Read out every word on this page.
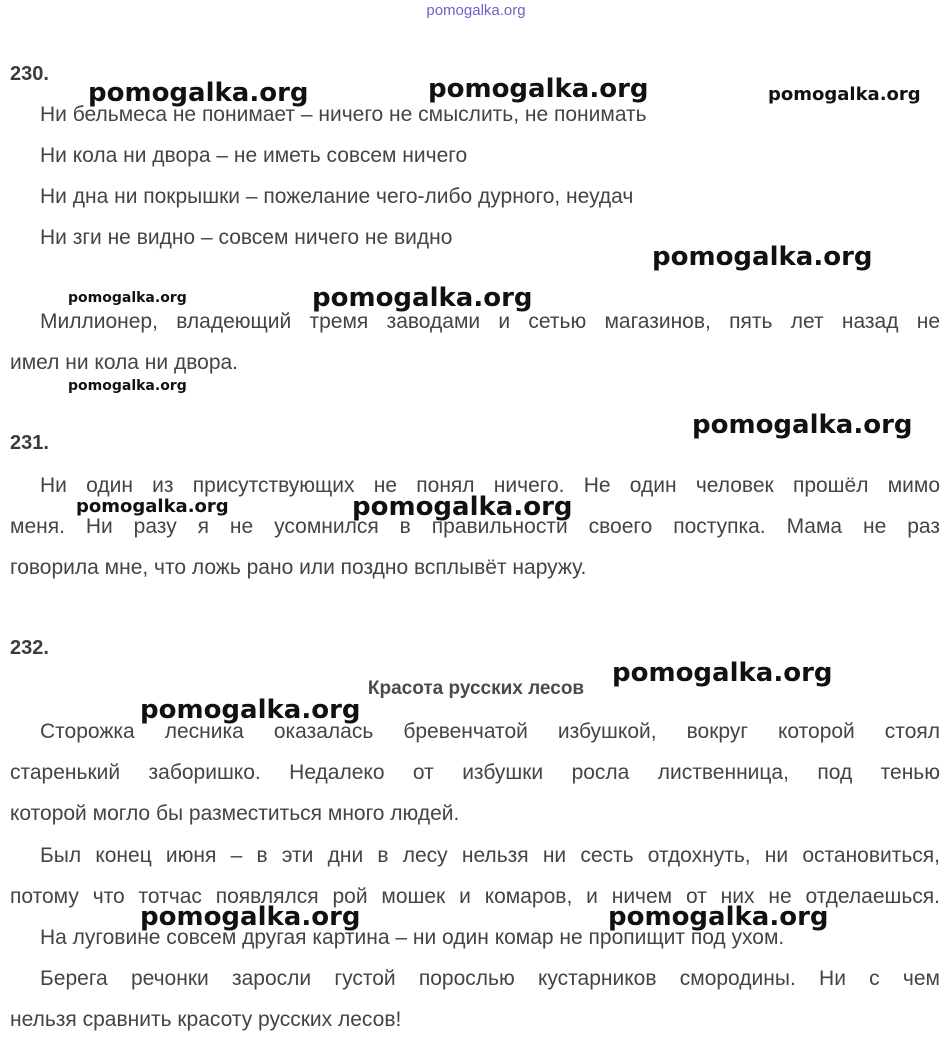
pomogalka.org
230.
Ни бельмеса не понимает – ничего не смыслить, не понимать
Ни кола ни двора – не иметь совсем ничего
Ни дна ни покрышки – пожелание чего-либо дурного, неудач
Ни зги не видно – совсем ничего не видно
Миллионер, владеющий тремя заводами и сетью магазинов, пять лет назад не
имел ни кола ни двора.
231.
Ни один из присутствующих не понял ничего. Не один человек прошёл мимо
меня. Ни разу я не усомнился в правильности своего поступка. Мама не раз
говорила мне, что ложь рано или поздно всплывёт наружу.
232.
Красота русских лесов
Сторожка лесника оказалась бревенчатой избушкой, вокруг которой стоял
старенький заборишко. Недалеко от избушки росла лиственница, под тенью
которой могло бы разместиться много людей.
Был конец июня – в эти дни в лесу нельзя ни сесть отдохнуть, ни остановиться,
потому что тотчас появлялся рой мошек и комаров, и ничем от них не отделаешься.
На луговине совсем другая картина – ни один комар не пропищит под ухом.
Берега речонки заросли густой порослью кустарников смородины. Ни с чем
нельзя сравнить красоту русских лесов!
pomogalka.org	pomogalka.org	pomogalka.org
pomogalka.org
pomogalka.org	pomogalka.org
pomogalka.org
pomogalka.org
pomogalka.org	pomogalka.org
pomogalka.org
pomogalka.org
pomogalka.org	pomogalka.org
